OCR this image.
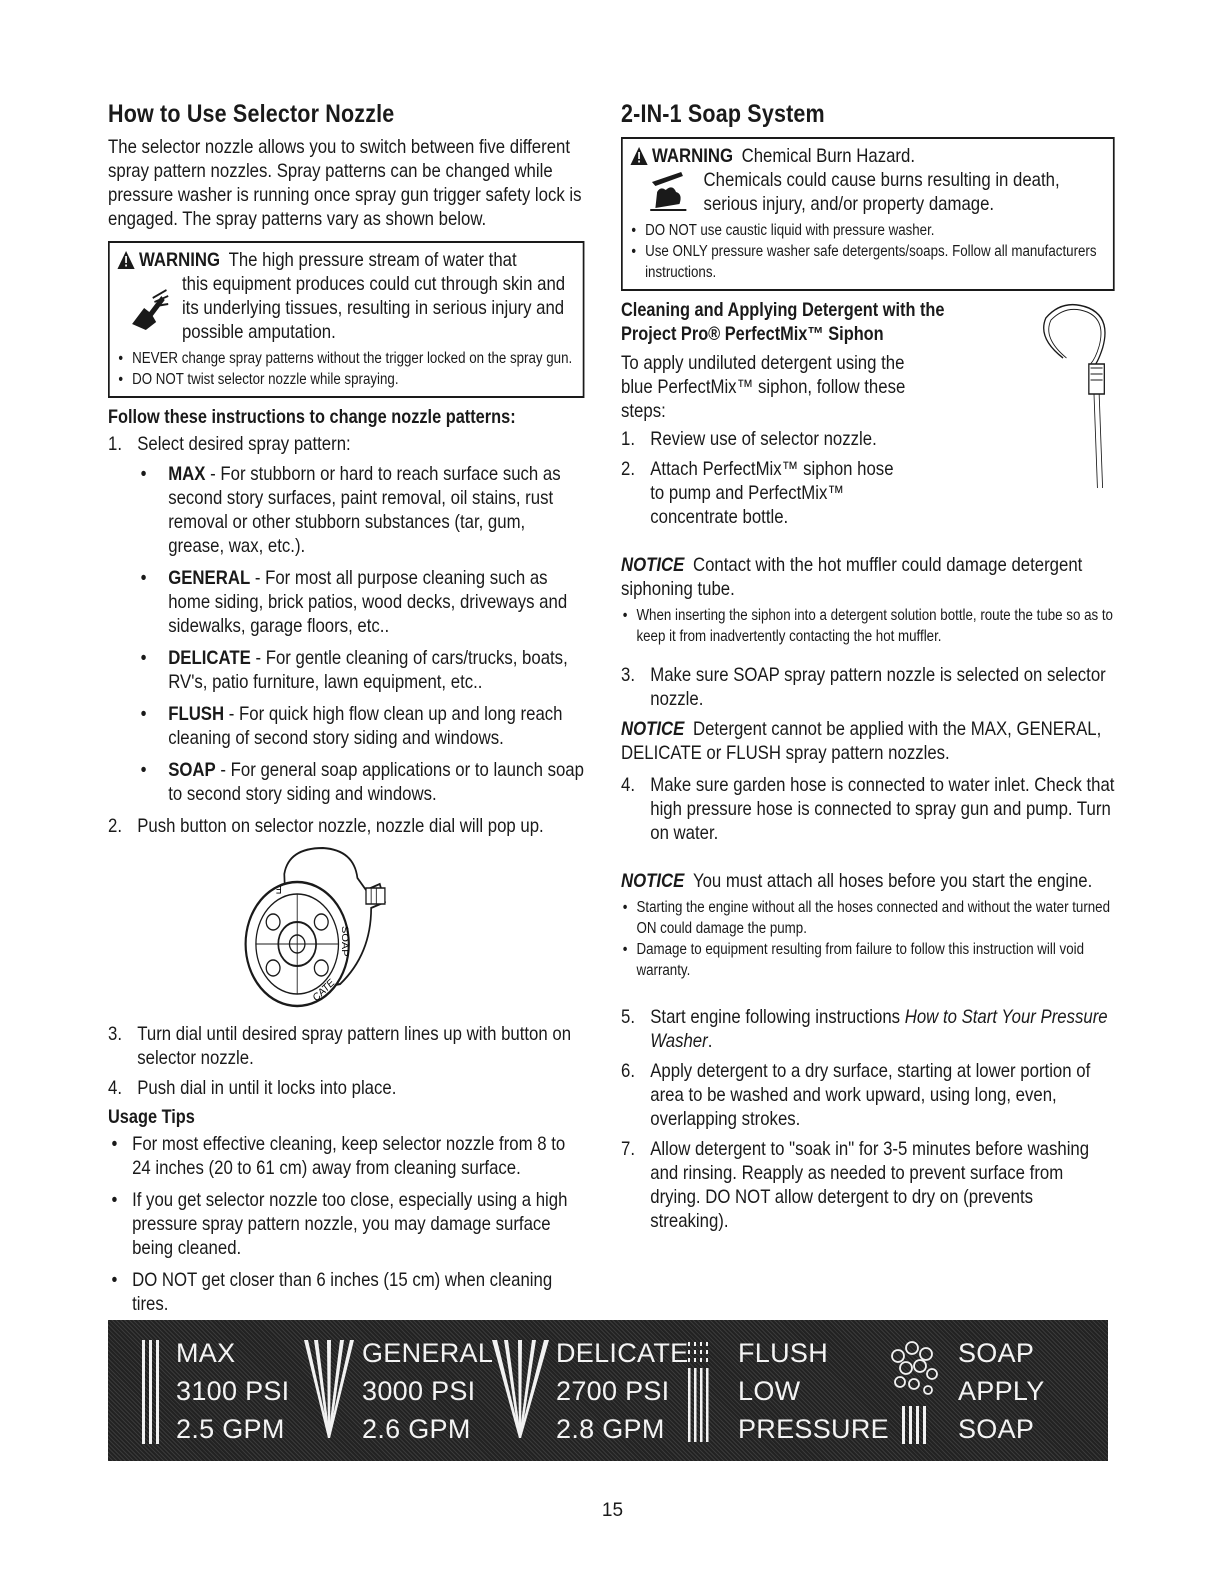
How to Use Selector Nozzle

The selector nozzle allows you to switch between five different spray pattern nozzles. Spray patterns can be changed while pressure washer is running once spray gun trigger safety lock is engaged. The spray patterns vary as shown below.

WARNING The high pressure stream of water that
this equipment produces could cut through skin and its underlying tissues, resulting in serious injury and possible amputation.
• NEVER change spray patterns without the trigger locked on the spray gun.
• DO NOT twist selector nozzle while spraying.
Follow these instructions to change nozzle patterns:
1. Select desired spray pattern:
• MAX - For stubborn or hard to reach surface such as second story surfaces, paint removal, oil stains, rust removal or other stubborn substances (tar, gum, grease, wax, etc.).
• GENERAL - For most all purpose cleaning such as home siding, brick patios, wood decks, driveways and sidewalks, garage floors, etc..
• DELICATE - For gentle cleaning of cars/trucks, boats, RV's, patio furniture, lawn equipment, etc..
• FLUSH - For quick high flow clean up and long reach cleaning of second story siding and windows.
• SOAP - For general soap applications or to launch soap to second story siding and windows.
2. Push button on selector nozzle, nozzle dial will pop up.
SOAP
CATE
F
3. Turn dial until desired spray pattern lines up with button on selector nozzle.
4. Push dial in until it locks into place.
Usage Tips
• For most effective cleaning, keep selector nozzle from 8 to 24 inches (20 to 61 cm) away from cleaning surface.
• If you get selector nozzle too close, especially using a high pressure spray pattern nozzle, you may damage surface being cleaned.
• DO NOT get closer than 6 inches (15 cm) when cleaning tires.
2-IN-1 Soap System
WARNING Chemical Burn Hazard.
Chemicals could cause burns resulting in death, serious injury, and/or property damage.
• DO NOT use caustic liquid with pressure washer.
• Use ONLY pressure washer safe detergents/soaps. Follow all manufacturers instructions.
Cleaning and Applying Detergent with the
Project Pro® PerfectMix™ Siphon

To apply undiluted detergent using the blue PerfectMix™ siphon, follow these steps:

1. Review use of selector nozzle.
2. Attach PerfectMix™ siphon hose to pump and PerfectMix™ concentrate bottle.
NOTICE Contact with the hot muffler could damage detergent siphoning tube.
• When inserting the siphon into a detergent solution bottle, route the tube so as to keep it from inadvertently contacting the hot muffler.
3. Make sure SOAP spray pattern nozzle is selected on selector nozzle.
NOTICE Detergent cannot be applied with the MAX, GENERAL, DELICATE or FLUSH spray pattern nozzles.
4. Make sure garden hose is connected to water inlet. Check that high pressure hose is connected to spray gun and pump. Turn on water.
NOTICE You must attach all hoses before you start the engine.
• Starting the engine without all the hoses connected and without the water turned ON could damage the pump.
• Damage to equipment resulting from failure to follow this instruction will void warranty.
5. Start engine following instructions How to Start Your Pressure Washer.
6. Apply detergent to a dry surface, starting at lower portion of area to be washed and work upward, using long, even, overlapping strokes.
7. Allow detergent to "soak in" for 3-5 minutes before washing and rinsing. Reapply as needed to prevent surface from drying. DO NOT allow detergent to dry on (prevents streaking).
MAX
3100 PSI
2.5 GPM
GENERAL
3000 PSI
2.6 GPM
DELICATE
2700 PSI
2.8 GPM
FLUSH
LOW
PRESSURE
SOAP
APPLY
SOAP
15
